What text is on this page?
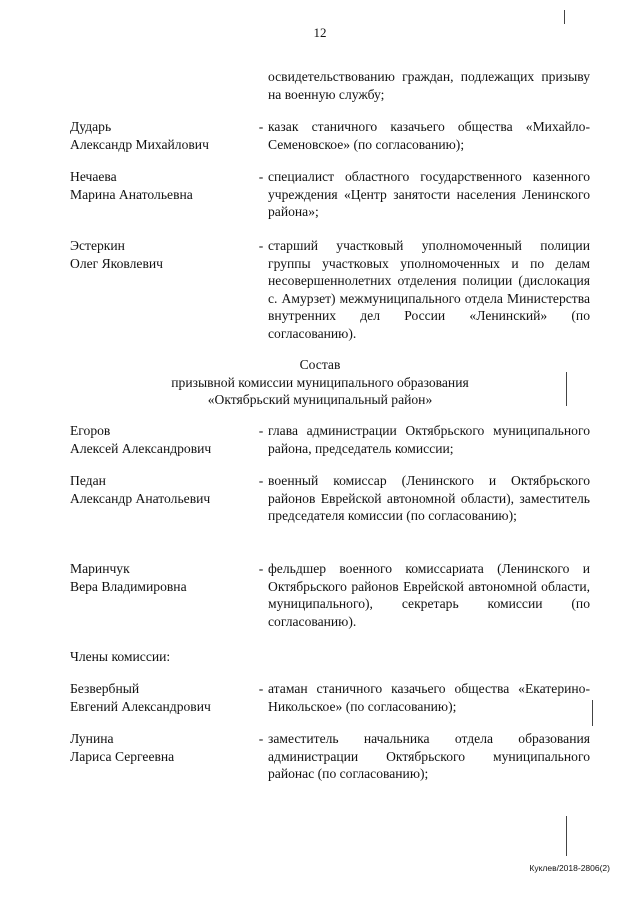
12
освидетельствованию граждан, подлежащих призыву на военную службу;
Дударь
Александр Михайлович
- казак станичного казачьего общества «Михайло-Семеновское» (по согласованию);
Нечаева
Марина Анатольевна
- специалист областного государственного казенного учреждения «Центр занятости населения Ленинского района»;
Эстеркин
Олег Яковлевич
- старший участковый уполномоченный полиции группы участковых уполномоченных и по делам несовершеннолетних отделения полиции (дислокация с. Амурзет) межмуниципального отдела Министерства внутренних дел России «Ленинский» (по согласованию).
Состав
призывной комиссии муниципального образования
«Октябрьский муниципальный район»
Егоров
Алексей Александрович
- глава администрации Октябрьского муниципального района, председатель комиссии;
Педан
Александр Анатольевич
- военный комиссар (Ленинского и Октябрьского районов Еврейской автономной области), заместитель председателя комиссии (по согласованию);
Маринчук
Вера Владимировна
- фельдшер военного комиссариата (Ленинского и Октябрьского районов Еврейской автономной области, муниципального), секретарь комиссии (по согласованию).
Члены комиссии:
Безвербный
Евгений Александрович
- атаман станичного казачьего общества «Екатерино-Никольское» (по согласованию);
Лунина
Лариса Сергеевна
- заместитель начальника отдела образования администрации Октябрьского муниципального районас (по согласованию);
Куклев/2018-2806(2)
